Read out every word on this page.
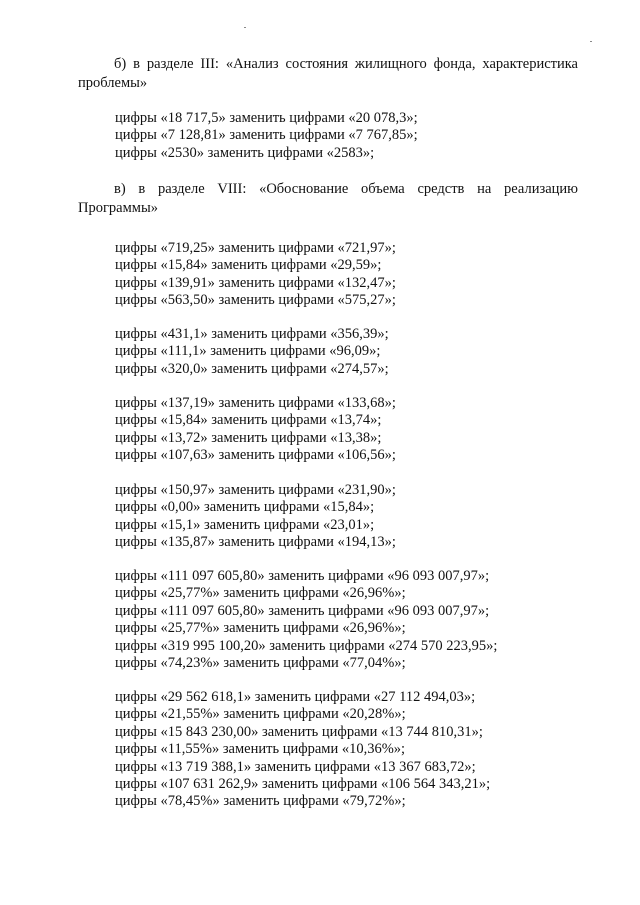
б) в разделе III: «Анализ состояния жилищного фонда, характеристика проблемы»
цифры «18 717,5» заменить цифрами «20 078,3»;
цифры «7 128,81» заменить цифрами «7 767,85»;
цифры «2530» заменить цифрами «2583»;
в) в разделе VIII: «Обоснование объема средств на реализацию Программы»
цифры «719,25» заменить цифрами «721,97»;
цифры «15,84» заменить цифрами «29,59»;
цифры «139,91» заменить цифрами «132,47»;
цифры «563,50» заменить цифрами «575,27»;
цифры «431,1» заменить цифрами «356,39»;
цифры «111,1» заменить цифрами «96,09»;
цифры «320,0» заменить цифрами «274,57»;
цифры «137,19» заменить цифрами «133,68»;
цифры «15,84» заменить цифрами «13,74»;
цифры «13,72» заменить цифрами «13,38»;
цифры «107,63» заменить цифрами «106,56»;
цифры «150,97» заменить цифрами «231,90»;
цифры «0,00» заменить цифрами «15,84»;
цифры «15,1» заменить цифрами «23,01»;
цифры «135,87» заменить цифрами «194,13»;
цифры «111 097 605,80» заменить цифрами «96 093 007,97»;
цифры «25,77%» заменить цифрами «26,96%»;
цифры «111 097 605,80» заменить цифрами «96 093 007,97»;
цифры «25,77%» заменить цифрами «26,96%»;
цифры «319 995 100,20» заменить цифрами «274 570 223,95»;
цифры «74,23%» заменить цифрами «77,04%»;
цифры «29 562 618,1» заменить цифрами «27 112 494,03»;
цифры «21,55%» заменить цифрами «20,28%»;
цифры «15 843 230,00» заменить цифрами «13 744 810,31»;
цифры «11,55%» заменить цифрами «10,36%»;
цифры «13 719 388,1» заменить цифрами «13 367 683,72»;
цифры «107 631 262,9» заменить цифрами «106 564 343,21»;
цифры «78,45%» заменить цифрами «79,72%»;
